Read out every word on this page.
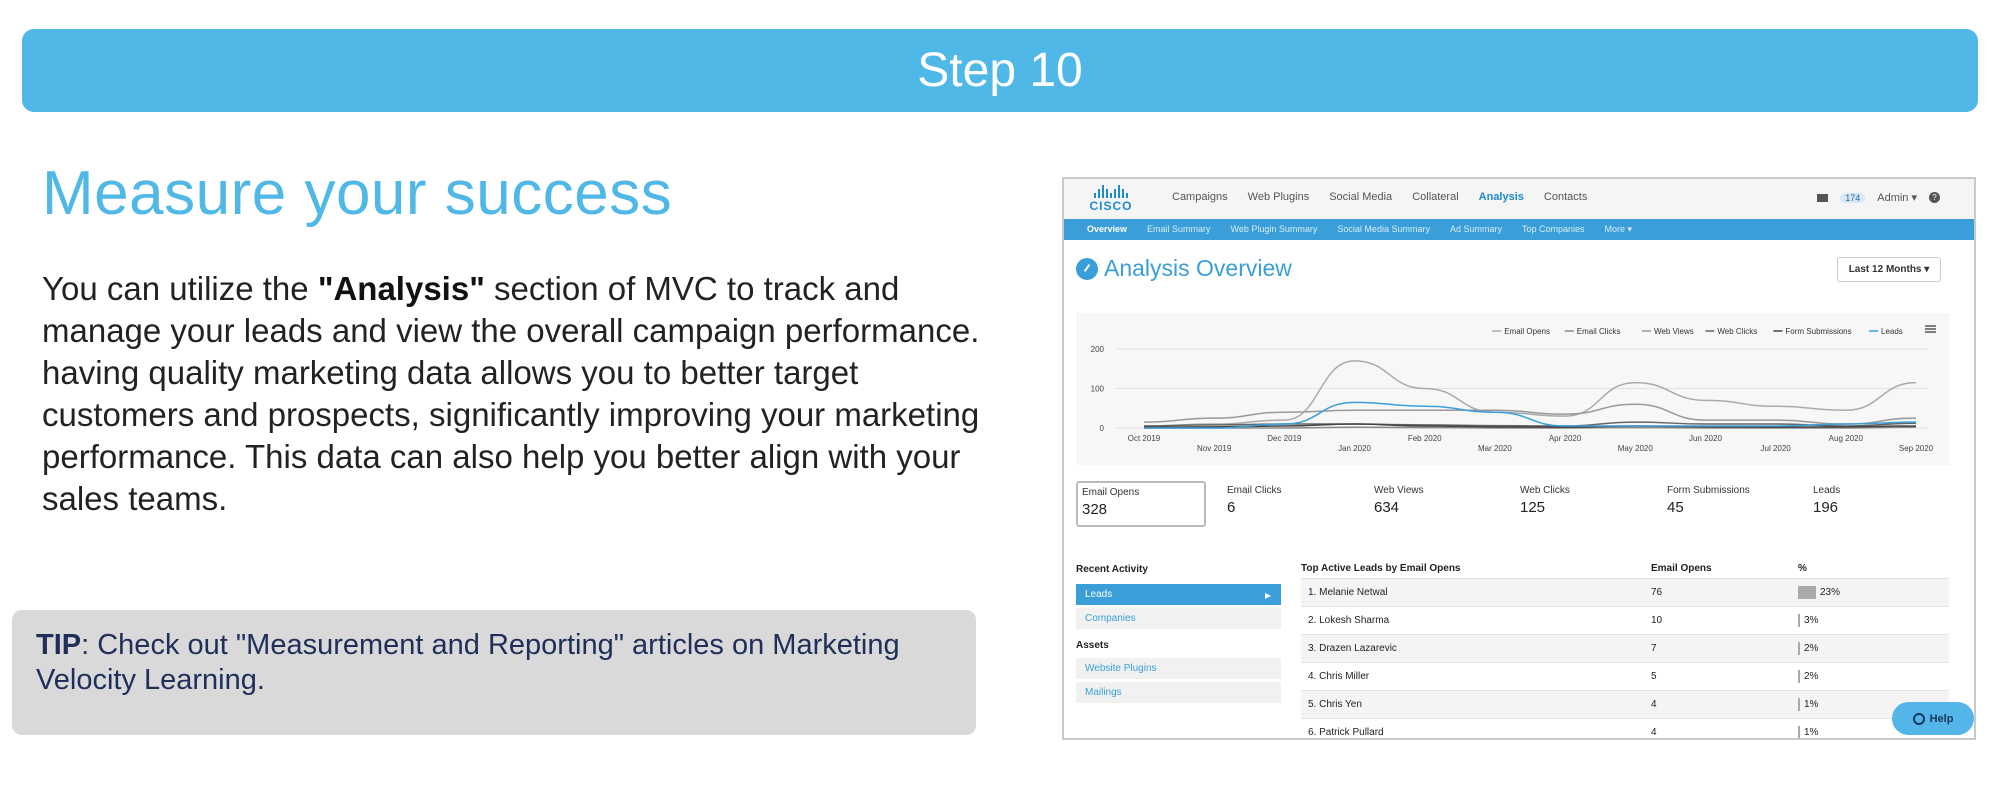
Step 10
Measure your success

You can utilize the "Analysis" section of MVC to track and manage your leads and view the overall campaign performance. having quality marketing data allows you to better target customers and prospects, significantly improving your marketing performance. This data can also help you better align with your sales teams.

TIP: Check out "Measurement and Reporting" articles on Marketing Velocity Learning.
CISCO
Campaigns Web Plugins Social Media Collateral Analysis Contacts	174	Admin ▾	?
Overview Email Summary Web Plugin Summary Social Media Summary Ad Summary Top Companies More ▾
Analysis Overview	Last 12 Months ▾
0
100
200
Oct 2019
Nov 2019
Dec 2019
Jan 2020
Feb 2020
Mar 2020
Apr 2020
May 2020
Jun 2020
Jul 2020
Aug 2020
Sep 2020
Email Opens	Email Clicks	Web Views	Web Clicks	Form Submissions	Leads
Email Opens
328
Email Clicks
6
Web Views
634
Web Clicks
125
Form Submissions
45
Leads
196
Recent Activity
Leads ▸
Companies
Assets
Website Plugins
Mailings
Top Active Leads by Email Opens	Email Opens	%
1. Melanie Netwal	76	23%
2. Lokesh Sharma	10	3%
3. Drazen Lazarevic	7	2%
4. Chris Miller	5	2%
5. Chris Yen	4	1%
6. Patrick Pullard	4	1%
Help
